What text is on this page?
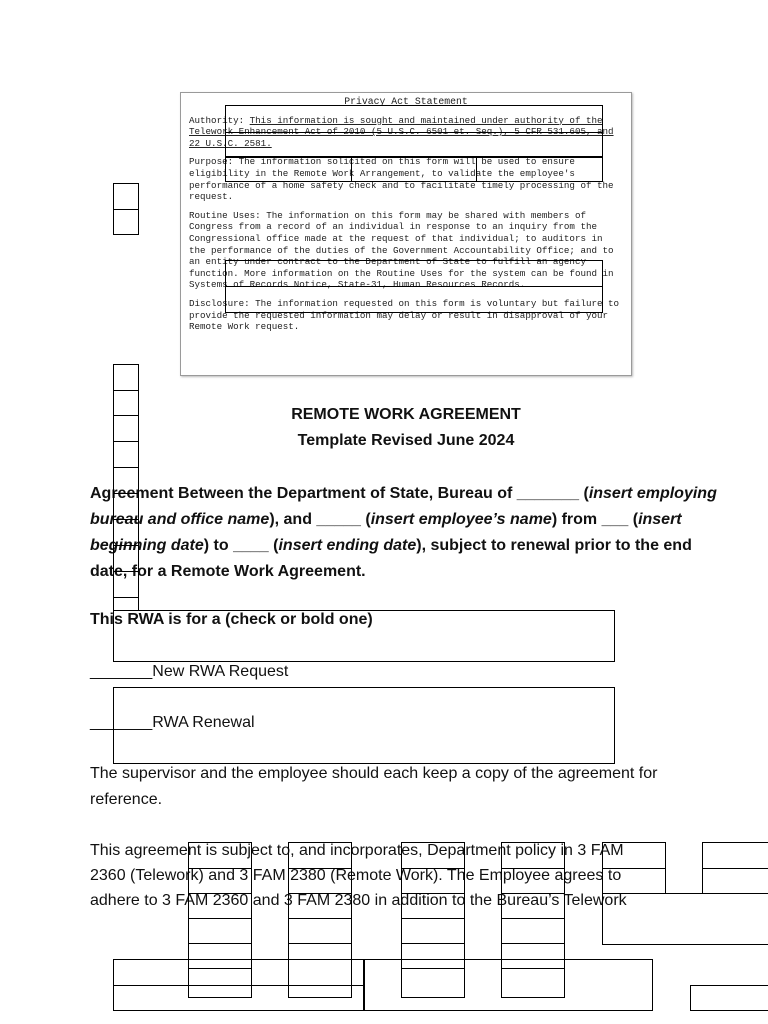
Privacy Act Statement

Authority: This information is sought and maintained under authority of the Telework Enhancement Act of 2010 (5 U.S.C. 6501 et. Seq.), 5 CFR 531.605, and 22 U.S.C. 2581.

Purpose: The information solicited on this form will be used to ensure eligibility in the Remote Work Arrangement, to validate the employee's performance of a home safety check and to facilitate timely processing of the request.

Routine Uses: The information on this form may be shared with members of Congress from a record of an individual in response to an inquiry from the Congressional office made at the request of that individual; to auditors in the performance of the duties of the Government Accountability Office; and to an entity under contract to the Department of State to fulfill an agency function. More information on the Routine Uses for the system can be found in Systems of Records Notice, State-31, Human Resources Records.

Disclosure: The information requested on this form is voluntary but failure to provide the requested information may delay or result in disapproval of your Remote Work request.

REMOTE WORK AGREEMENT
Template Revised June 2024
Agreement Between the Department of State, Bureau of _______ (insert employing bureau and office name), and _____ (insert employee’s name) from ___ (insert beginning date) to ____ (insert ending date), subject to renewal prior to the end date, for a Remote Work Agreement.
This RWA is for a (check or bold one)
_______New RWA Request
_______RWA Renewal
The supervisor and the employee should each keep a copy of the agreement for reference.
This agreement is subject to, and incorporates, Department policy in 3 FAM
2360 (Telework) and 3 FAM 2380 (Remote Work). The Employee agrees to
adhere to 3 FAM 2360 and 3 FAM 2380 in addition to the Bureau’s Telework
